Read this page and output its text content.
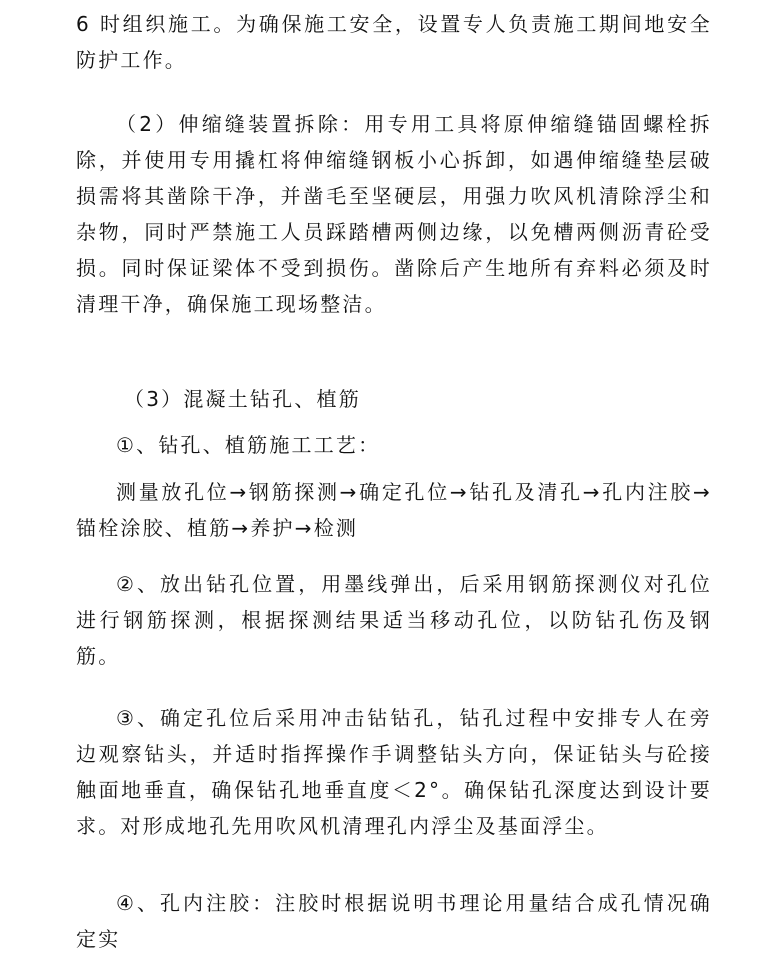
6 时组织施工。为确保施工安全，设置专人负责施工期间地安全防护工作。

（2）伸缩缝装置拆除：用专用工具将原伸缩缝锚固螺栓拆除，并使用专用撬杠将伸缩缝钢板小心拆卸，如遇伸缩缝垫层破损需将其凿除干净，并凿毛至坚硬层，用强力吹风机清除浮尘和杂物，同时严禁施工人员踩踏槽两侧边缘，以免槽两侧沥青砼受损。同时保证梁体不受到损伤。凿除后产生地所有弃料必须及时清理干净，确保施工现场整洁。

（3）混凝土钻孔、植筋

①、钻孔、植筋施工工艺：

测量放孔位→钢筋探测→确定孔位→钻孔及清孔→孔内注胶→锚栓涂胶、植筋→养护→检测

②、放出钻孔位置，用墨线弹出，后采用钢筋探测仪对孔位进行钢筋探测，根据探测结果适当移动孔位，以防钻孔伤及钢筋。

③、确定孔位后采用冲击钻钻孔，钻孔过程中安排专人在旁边观察钻头，并适时指挥操作手调整钻头方向，保证钻头与砼接触面地垂直，确保钻孔地垂直度＜2°。确保钻孔深度达到设计要求。对形成地孔先用吹风机清理孔内浮尘及基面浮尘。

④、孔内注胶：注胶时根据说明书理论用量结合成孔情况确定实
